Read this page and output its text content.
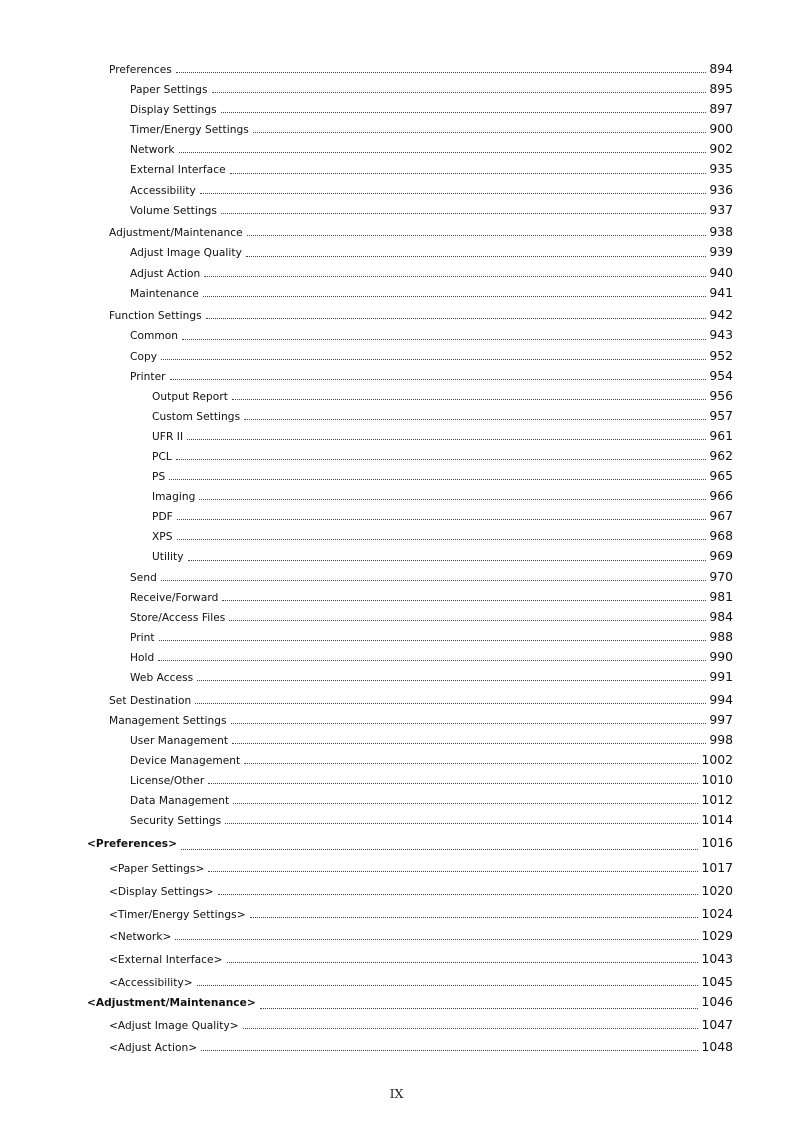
Preferences	894
Paper Settings	895
Display Settings	897
Timer/Energy Settings	900
Network	902
External Interface	935
Accessibility	936
Volume Settings	937
Adjustment/Maintenance	938
Adjust Image Quality	939
Adjust Action	940
Maintenance	941
Function Settings	942
Common	943
Copy	952
Printer	954
Output Report	956
Custom Settings	957
UFR II	961
PCL	962
PS	965
Imaging	966
PDF	967
XPS	968
Utility	969
Send	970
Receive/Forward	981
Store/Access Files	984
Print	988
Hold	990
Web Access	991
Set Destination	994
Management Settings	997
User Management	998
Device Management	1002
License/Other	1010
Data Management	1012
Security Settings	1014
<Preferences>	1016
<Paper Settings>	1017
<Display Settings>	1020
<Timer/Energy Settings>	1024
<Network>	1029
<External Interface>	1043
<Accessibility>	1045
<Adjustment/Maintenance>	1046
<Adjust Image Quality>	1047
<Adjust Action>	1048
IX
